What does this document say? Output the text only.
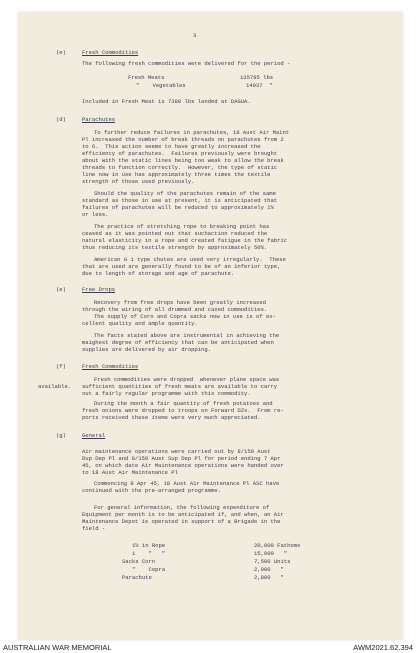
3
(e)	Fresh Commodities
The following fresh commodities were delivered for the period -
Fresh Meats	135795 lbs
"    Vegetables	14037  "
Included in Fresh Meat is 7380 lbs landed at DAGUA.
(d)	Parachutes
To further reduce failures in parachutes, 18 Aust Air Maint
Pl increased the number of break threads on parachutes from 2
to 6.  This action seems to have greatly increased the
efficiency of parachutes.  Failures previously were brought
about with the static lines being too weak to allow the break
threads to function correctly.  However, the type of static
line now in use has approximately three times the textile
strength of those used previously.
Should the quality of the parachutes remain of the same
standard as those in use at present, it is anticipated that
failures of parachutes will be reduced to approximately 1%
or less.
The practice of stretching rope to breaking point has
ceased as it was pointed out that suchaction reduced the
natural elasticity in a rope and created fatigue in the fabric
thus reducing its textile strength by approximately 50%.
American G 1 type chutes are used very irregularly.  These
that are used are generally found to be of an inferior type,
due to length of storage and age of parachute.
(e)	Free Drops
Recovery from free drops have been greatly increased
through the wiring of all drummed and cased commodities.
The supply of Corn and Copra sacks now in use is of ex-
cellent quality and ample quantity.
The facts stated above are instrumental in achieving the
maighest degree of efficiency that can be anticipated when
supplies are delivered by air dropping.
(f)	Fresh Commodities
Fresh commodities were dropped  whenever plane space was
available. sufficient quantities of fresh meats are available to carry
out a fairly regular programme with this commodity.
During the month a fair quantity of fresh potatoes and
fresh onions were dropped to troops on Forward DZs.  From re-
ports received these items were very much appreciated.
(g)	General
Air maintenance operations were carried out by 8/150 Aust
Dup Dep Pl and 8/150 Aust Sup Dep Pl for period ending 7 Apr
45, on which date Air Maintenance operations were handed over
to 18 Aust Air Maintenance Pl
Commencing 8 Apr 45, 18 Aust Air Maintenance Pl ASC have
continued with the pre-arranged programme.
For general information, the following expenditure of
Equipment per month is to be anticipated if, and when, an Air
Maintenance Depot is operated in support of a Brigade in the
field -
1½ in Rope	20,000 Fathoms
1    "   "	15,000   "
Sacks Corn	7,500 Units
"    Copra	2,900   "
Parachute	2,800   "
AUSTRALIAN WAR MEMORIAL	AWM2021.62.394
